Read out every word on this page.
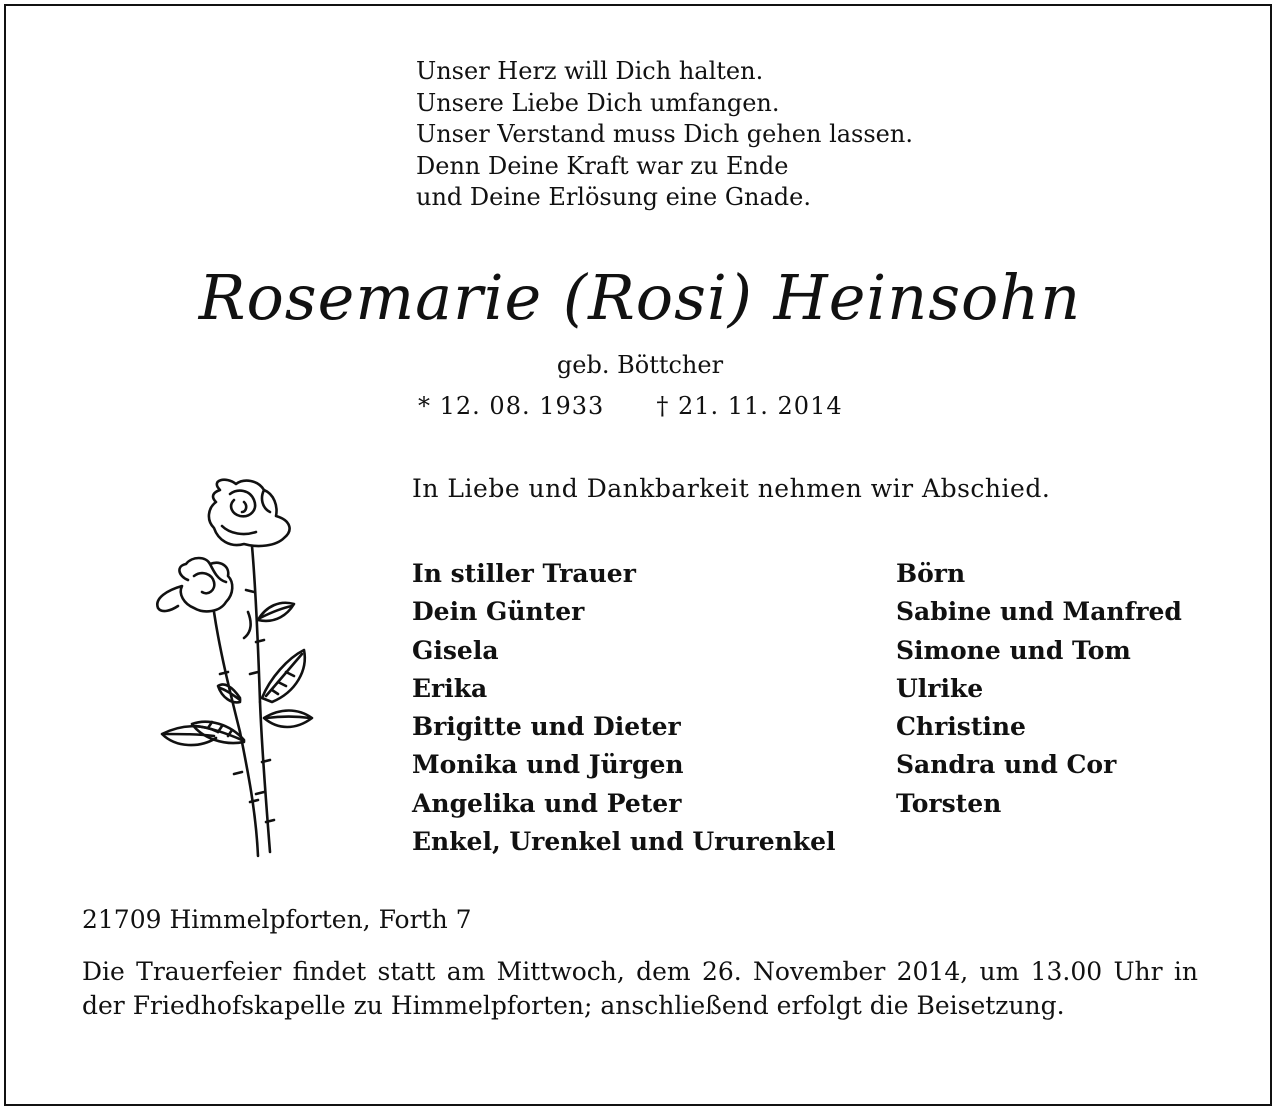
Unser Herz will Dich halten.
Unsere Liebe Dich umfangen.
Unser Verstand muss Dich gehen lassen.
Denn Deine Kraft war zu Ende
und Deine Erlösung eine Gnade.
Rosemarie (Rosi) Heinsohn
geb. Böttcher
* 12. 08. 1933 † 21. 11. 2014
In Liebe und Dankbarkeit nehmen wir Abschied.
In stiller Trauer
Dein Günter
Gisela
Erika
Brigitte und Dieter
Monika und Jürgen
Angelika und Peter
Enkel, Urenkel und Ururenkel
Börn
Sabine und Manfred
Simone und Tom
Ulrike
Christine
Sandra und Cor
Torsten
21709 Himmelpforten, Forth 7

Die Trauerfeier findet statt am Mittwoch, dem 26. November 2014, um 13.00 Uhr in der Friedhofskapelle zu Himmelpforten; anschließend erfolgt die Beisetzung.
